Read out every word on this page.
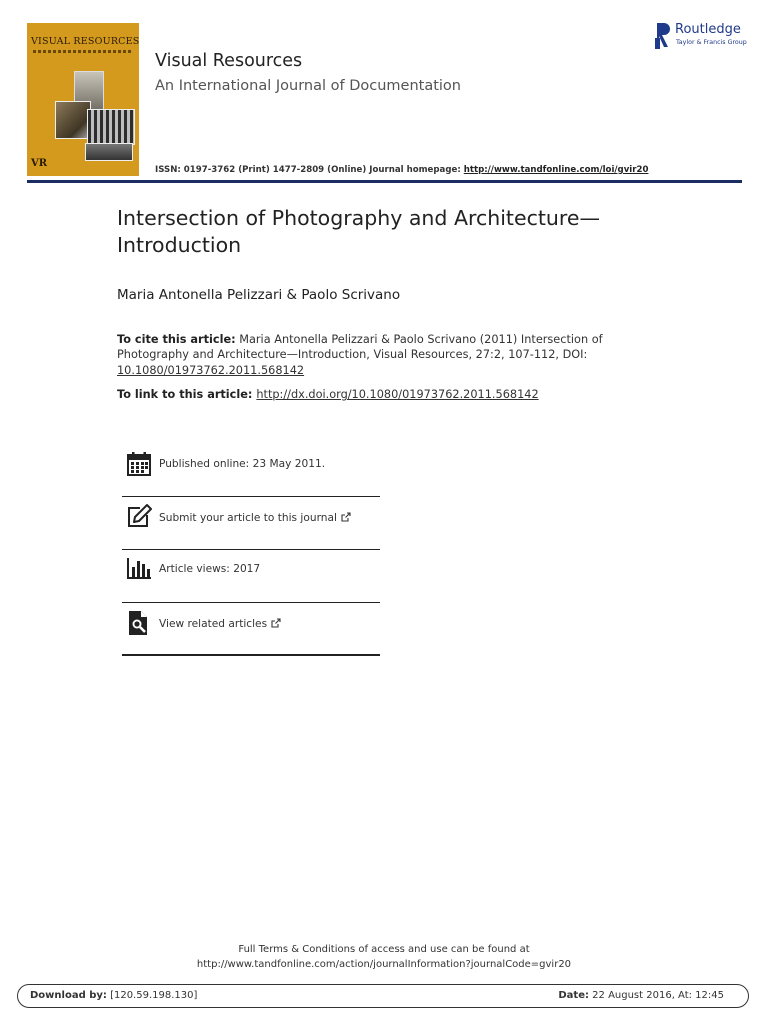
VISUAL RESOURCES
VR
Visual Resources
An International Journal of Documentation
ISSN: 0197-3762 (Print) 1477-2809 (Online) Journal homepage: http://www.tandfonline.com/loi/gvir20
Routledge
Taylor & Francis Group
Intersection of Photography and Architecture—Introduction
Maria Antonella Pelizzari & Paolo Scrivano
To cite this article: Maria Antonella Pelizzari & Paolo Scrivano (2011) Intersection of Photography and Architecture—Introduction, Visual Resources, 27:2, 107-112, DOI:
10.1080/01973762.2011.568142
To link to this article: http://dx.doi.org/10.1080/01973762.2011.568142
Published online: 23 May 2011.
Submit your article to this journal
Article views: 2017
View related articles
Full Terms & Conditions of access and use can be found at
http://www.tandfonline.com/action/journalInformation?journalCode=gvir20
Download by: [120.59.198.130]	Date: 22 August 2016, At: 12:45
